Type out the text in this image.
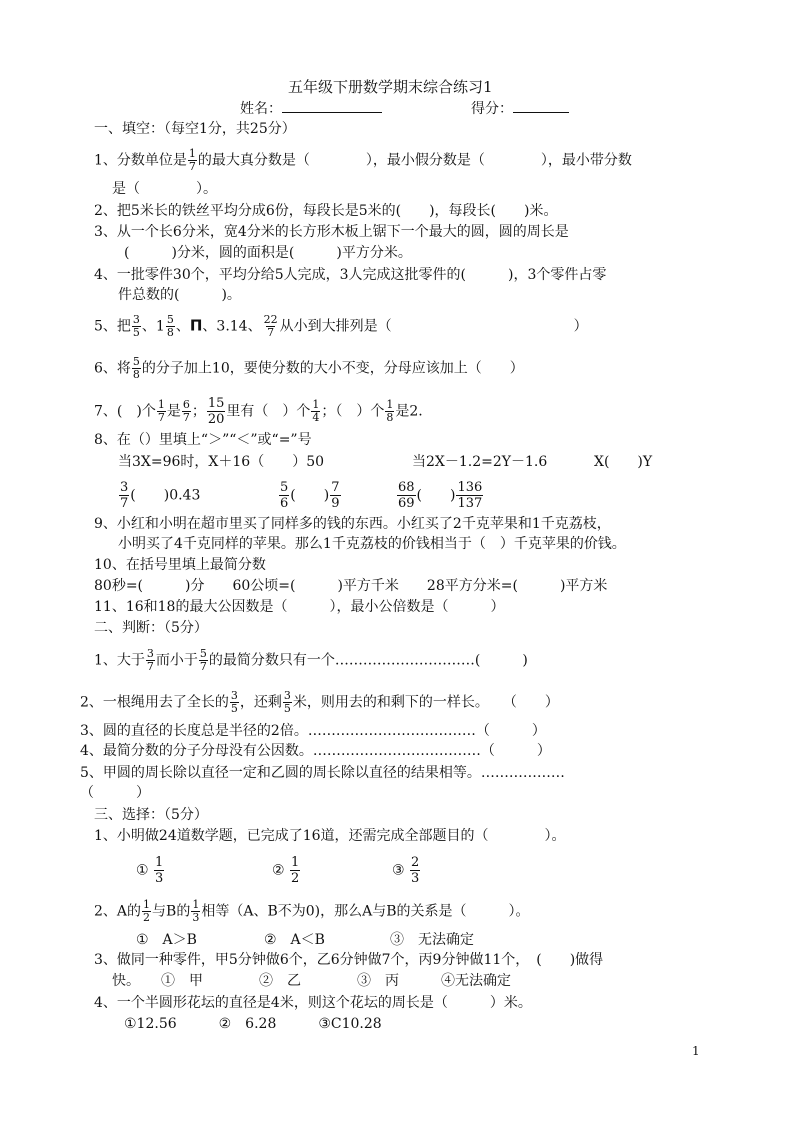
五年级下册数学期末综合练习1
姓名：	得分：
一、填空：（每空1分，共25分）
1、分数单位是 $\frac{1}{7}$ 的最大真分数是（　　　　），最小假分数是（　　　　），最小带分数
是（　　　　）。
2、把5米长的铁丝平均分成6份，每段长是5米的(　　)，每段长(　　)米。
3、从一个长6分米，宽4分米的长方形木板上锯下一个最大的圆，圆的周长是
(　　　)分米，圆的面积是(　　　)平方分米。
4、一批零件30个，平均分给5人完成，3人完成这批零件的(　　　)，3个零件占零
件总数的(　　　)。
5、把 $\frac{3}{5}$ 、$1 \frac{5}{8}$ 、Π、3.14、 $\frac{22}{7}$ 从小到大排列是（　　　　　　　　　　　　　）
6、将 $\frac{5}{8}$ 的分子加上10，要使分数的大小不变，分母应该加上（　　）
7、(　)个 $\frac{1}{7}$ 是 $\frac{6}{7}$ ； $\frac{15}{20}$ 里有（　）个 $\frac{1}{4}$ ；（　）个 $\frac{1}{8}$ 是2.
8、在（）里填上“＞”“＜”或“=”号
当3X=96时，X＋16（　　）50	当2X－1.2=2Y－1.6	X(　　)Y
$\frac{3}{7}$ (　　)0.43	$\frac{5}{6}$ (　　) $\frac{7}{9}$	$\frac{68}{69}$ (　　) $\frac{136}{137}$
9、小红和小明在超市里买了同样多的钱的东西。小红买了2千克苹果和1千克荔枝，
小明买了4千克同样的苹果。那么1千克荔枝的价钱相当于（　）千克苹果的价钱。
10、在括号里填上最简分数
80秒=(　　　)分　　60公顷=(　　　)平方千米　　28平方分米=(　　　)平方米
11、16和18的最大公因数是（　　　），最小公倍数是（　　　）
二、判断：（5分）
1、大于 $\frac{3}{7}$ 而小于 $\frac{5}{7}$ 的最简分数只有一个…………………………(　　　)
2、一根绳用去了全长的 $\frac{3}{5}$ ，还剩 $\frac{3}{5}$ 米，则用去的和剩下的一样长。　　（　　）
3、圆的直径的长度总是半径的2倍。………………………………（　　　）
4、最简分数的分子分母没有公因数。………………………………（　　　）
5、甲圆的周长除以直径一定和乙圆的周长除以直径的结果相等。………………
（　　　）
三、选择：（5分）
1、小明做24道数学题，已完成了16道，还需完成全部题目的（　　　　）。
① $\frac{1}{3}$	② $\frac{1}{2}$	③ $\frac{2}{3}$
2、A的 $\frac{1}{2}$ 与B的 $\frac{1}{3}$ 相等（A、B不为0)，那么A与B的关系是（　　　）。
①　A＞B	②　A＜B	③　无法确定
3、做同一种零件，甲5分钟做6个，乙6分钟做7个，丙9分钟做11个，　(　　)做得
快。　　①　甲　　　　②　乙　　　　③　丙　　　④无法确定
4、一个半圆形花坛的直径是4米，则这个花坛的周长是（　　　）米。
①12.56　　　②　6.28　　　③C10.28
1
